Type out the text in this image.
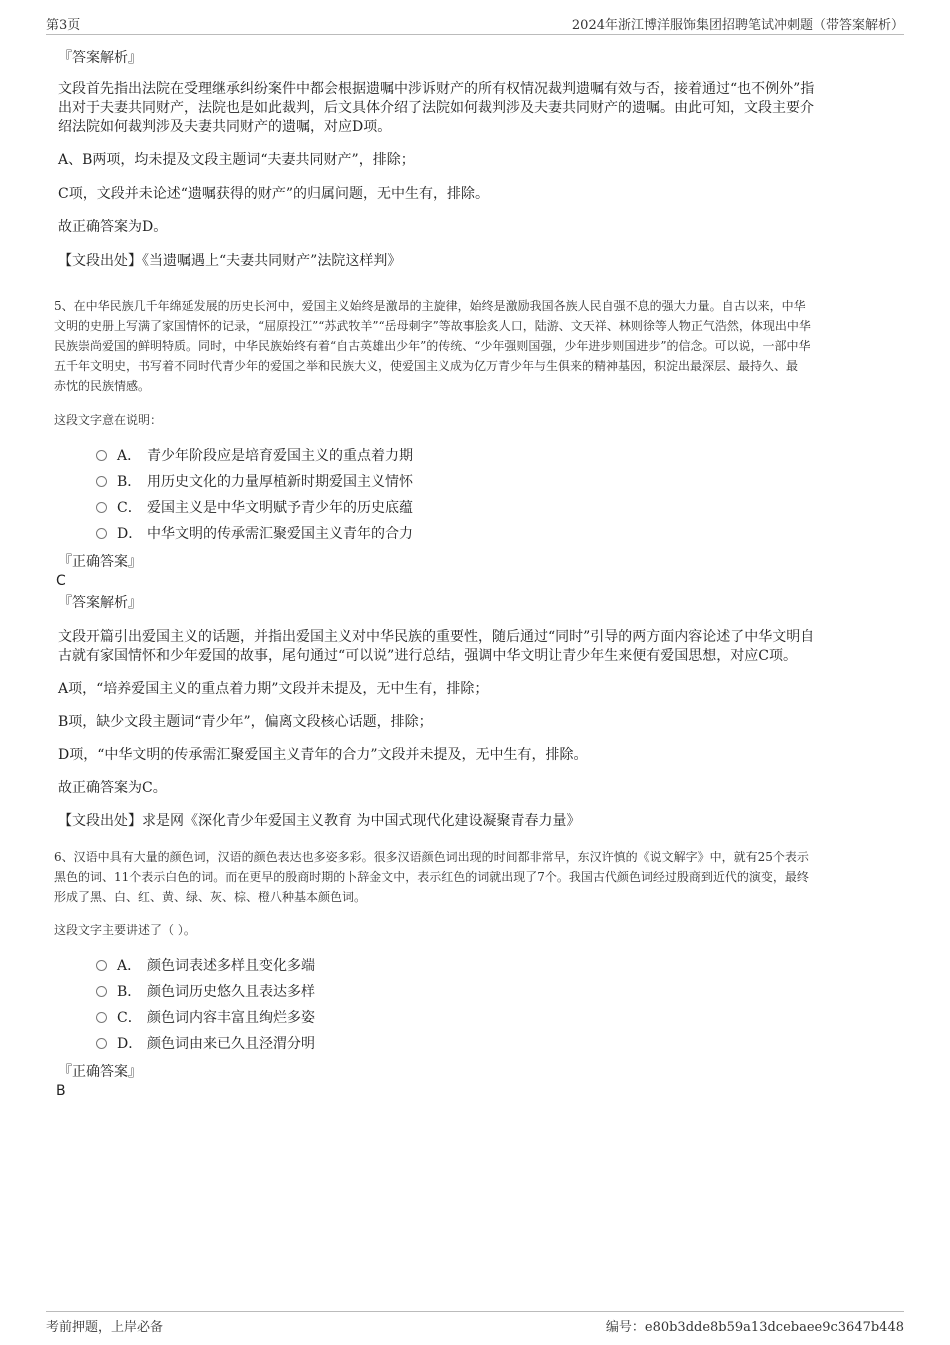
第3页	2024年浙江博洋服饰集团招聘笔试冲刺题（带答案解析）
『答案解析』
文段首先指出法院在受理继承纠纷案件中都会根据遗嘱中涉诉财产的所有权情况裁判遗嘱有效与否，接着通过“也不例外”指
出对于夫妻共同财产，法院也是如此裁判，后文具体介绍了法院如何裁判涉及夫妻共同财产的遗嘱。由此可知，文段主要介
绍法院如何裁判涉及夫妻共同财产的遗嘱，对应D项。
A、B两项，均未提及文段主题词“夫妻共同财产”，排除；
C项，文段并未论述“遗嘱获得的财产”的归属问题，无中生有，排除。
故正确答案为D。
【文段出处】《当遗嘱遇上“夫妻共同财产”法院这样判》
5、在中华民族几千年绵延发展的历史长河中，爱国主义始终是激昂的主旋律，始终是激励我国各族人民自强不息的强大力量。自古以来，中华
文明的史册上写满了家国情怀的记录，“屈原投江”“苏武牧羊”“岳母刺字”等故事脍炙人口，陆游、文天祥、林则徐等人物正气浩然，体现出中华
民族崇尚爱国的鲜明特质。同时，中华民族始终有着“自古英雄出少年”的传统、“少年强则国强，少年进步则国进步”的信念。可以说，一部中华
五千年文明史，书写着不同时代青少年的爱国之举和民族大义，使爱国主义成为亿万青少年与生俱来的精神基因，积淀出最深层、最持久、最
赤忱的民族情感。
这段文字意在说明：
A． 青少年阶段应是培育爱国主义的重点着力期
B． 用历史文化的力量厚植新时期爱国主义情怀
C． 爱国主义是中华文明赋予青少年的历史底蕴
D． 中华文明的传承需汇聚爱国主义青年的合力
『正确答案』
C
『答案解析』
文段开篇引出爱国主义的话题，并指出爱国主义对中华民族的重要性，随后通过“同时”引导的两方面内容论述了中华文明自
古就有家国情怀和少年爱国的故事，尾句通过“可以说”进行总结，强调中华文明让青少年生来便有爱国思想，对应C项。
A项，“培养爱国主义的重点着力期”文段并未提及，无中生有，排除；
B项，缺少文段主题词“青少年”，偏离文段核心话题，排除；
D项，“中华文明的传承需汇聚爱国主义青年的合力”文段并未提及，无中生有，排除。
故正确答案为C。
【文段出处】求是网《深化青少年爱国主义教育 为中国式现代化建设凝聚青春力量》
6、汉语中具有大量的颜色词，汉语的颜色表达也多姿多彩。很多汉语颜色词出现的时间都非常早，东汉许慎的《说文解字》中，就有25个表示
黑色的词、11个表示白色的词。而在更早的殷商时期的卜辞金文中，表示红色的词就出现了7个。我国古代颜色词经过殷商到近代的演变，最终
形成了黑、白、红、黄、绿、灰、棕、橙八种基本颜色词。
这段文字主要讲述了（ ）。
A． 颜色词表述多样且变化多端
B． 颜色词历史悠久且表达多样
C． 颜色词内容丰富且绚烂多姿
D． 颜色词由来已久且泾渭分明
『正确答案』
B
考前押题，上岸必备	编号：e80b3dde8b59a13dcebaee9c3647b448
